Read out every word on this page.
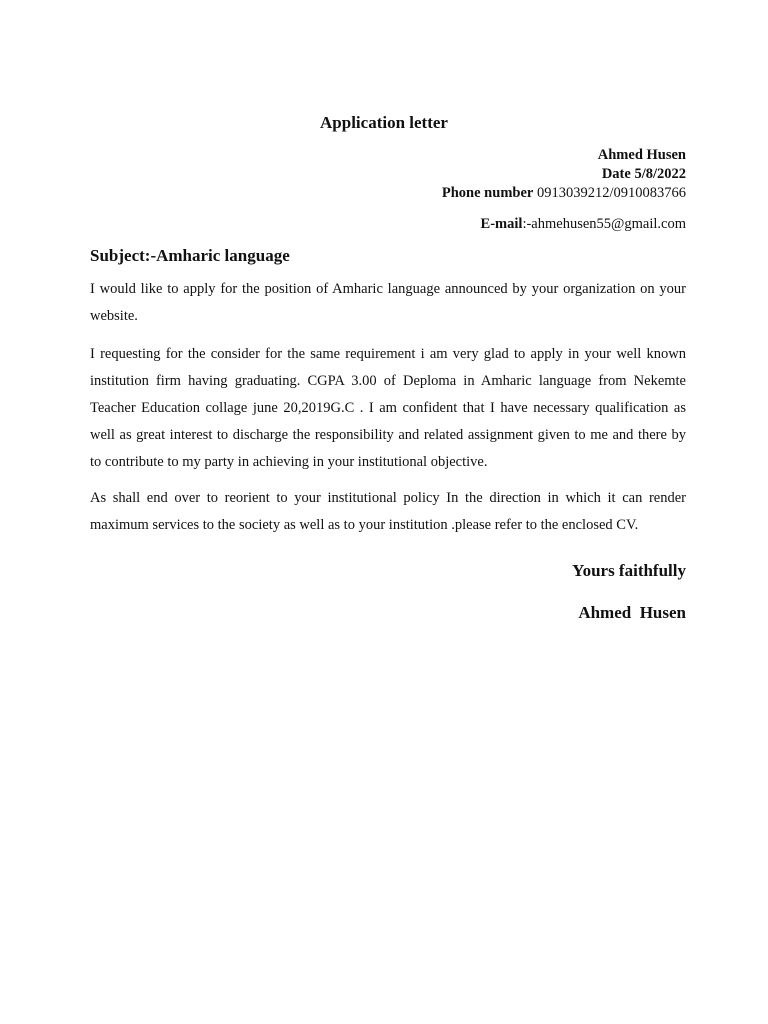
Application letter
Ahmed Husen
Date 5/8/2022
Phone number 0913039212/0910083766
E-mail:-ahmehusen55@gmail.com
Subject:-Amharic language

I would like to apply for the position of Amharic language announced by your organization on your website.

I requesting for the consider for the same requirement i am very glad to apply in your well known institution firm having graduating. CGPA 3.00 of Deploma in Amharic language from Nekemte Teacher Education collage june 20,2019G.C . I am confident that I have necessary qualification as well as great interest to discharge the responsibility and related assignment given to me and there by to contribute to my party in achieving in your institutional objective.

As shall end over to reorient to your institutional policy In the direction in which it can render maximum services to the society as well as to your institution .please refer to the enclosed CV.

Yours faithfully
Ahmed  Husen
